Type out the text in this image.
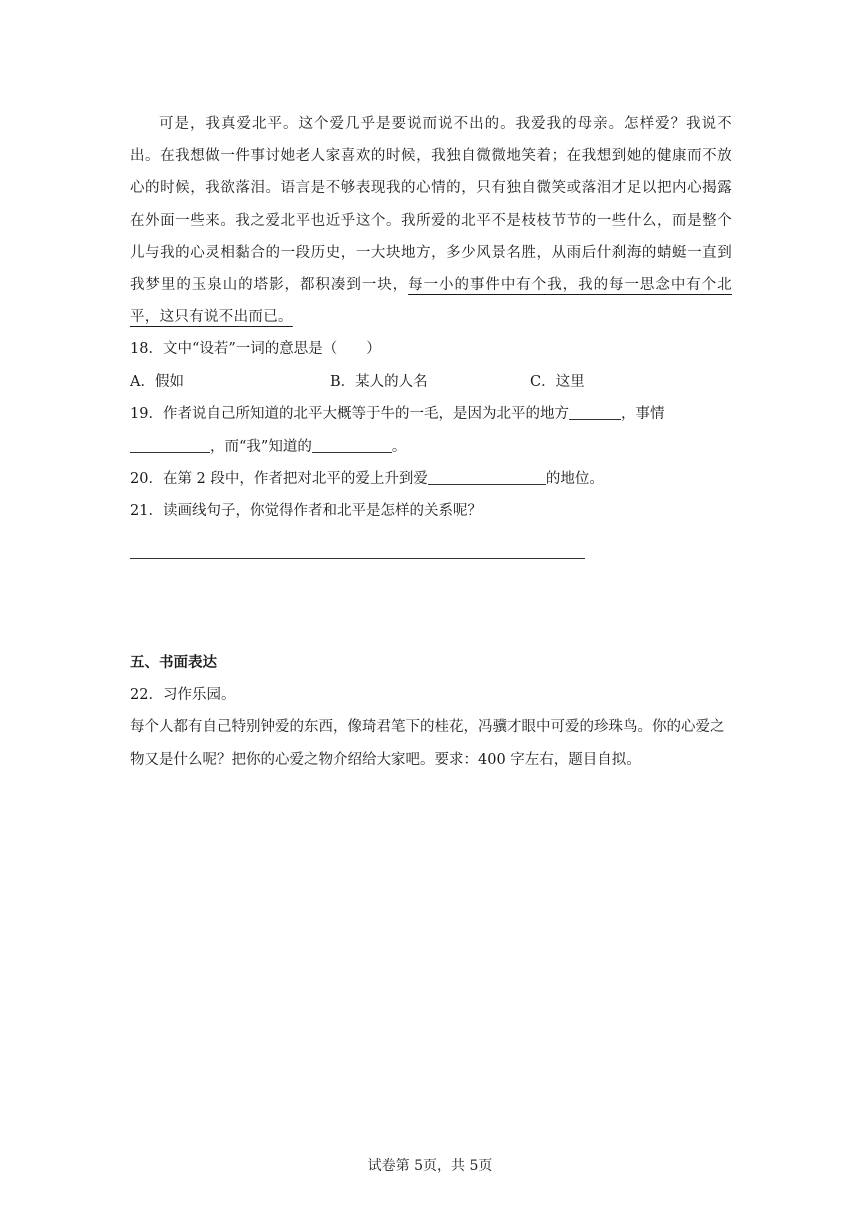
可是，我真爱北平。这个爱几乎是要说而说不出的。我爱我的母亲。怎样爱？我说不出。在我想做一件事讨她老人家喜欢的时候，我独自微微地笑着；在我想到她的健康而不放心的时候，我欲落泪。语言是不够表现我的心情的，只有独自微笑或落泪才足以把内心揭露在外面一些来。我之爱北平也近乎这个。我所爱的北平不是枝枝节节的一些什么，而是整个儿与我的心灵相黏合的一段历史，一大块地方，多少风景名胜，从雨后什刹海的蜻蜓一直到我梦里的玉泉山的塔影，都积凑到一块，每一小的事件中有个我，我的每一思念中有个北平，这只有说不出而已。

18．文中“设若”一词的意思是（　　）

A．假如	B．某人的人名	C．这里

19．作者说自己所知道的北平大概等于牛的一毛，是因为北平的地方	，事情
，而“我”知道的	。

20．在第 2 段中，作者把对北平的爱上升到爱	的地位。

21．读画线句子，你觉得作者和北平是怎样的关系呢？

五、书面表达

22．习作乐园。

每个人都有自己特别钟爱的东西，像琦君笔下的桂花，冯骥才眼中可爱的珍珠鸟。你的心爱之物又是什么呢？把你的心爱之物介绍给大家吧。要求：400 字左右，题目自拟。

试卷第 5页，共 5页
